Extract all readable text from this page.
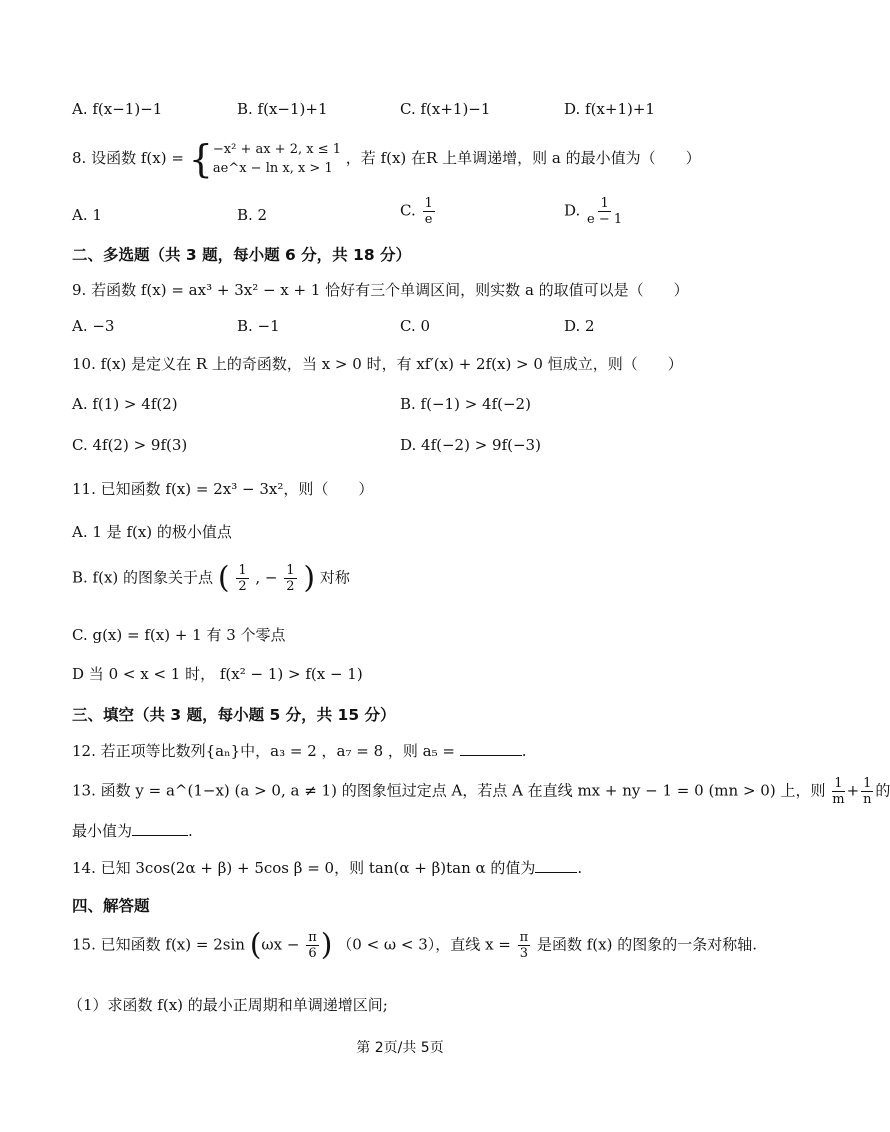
A. f(x−1)−1	B. f(x−1)+1	C. f(x+1)−1	D. f(x+1)+1
8. 设函数 f(x) = { −x² + ax + 2, x ≤ 1
ae^x − ln x, x > 1
，若 f(x) 在R 上单调递增，则 a 的最小值为（　　）
A. 1	B. 2	C. $\frac{1}{e}$	D. $\frac{1}{e - 1}$
二、多选题（共 3 题，每小题 6 分，共 18 分）
9. 若函数 f(x) = ax³ + 3x² − x + 1 恰好有三个单调区间，则实数 a 的取值可以是（　　）
A. −3	B. −1	C. 0	D. 2
10. f(x) 是定义在 R 上的奇函数，当 x > 0 时，有 xf′(x) + 2f(x) > 0 恒成立，则（　　）
A. f(1) > 4f(2)	B. f(−1) > 4f(−2)
C. 4f(2) > 9f(3)	D. 4f(−2) > 9f(−3)
11. 已知函数 f(x) = 2x³ − 3x²，则（　　）
A. 1 是 f(x) 的极小值点
B. f(x) 的图象关于点 ( $\frac{1}{2}$ , − $\frac{1}{2}$ ) 对称
C. g(x) = f(x) + 1 有 3 个零点
D 当 0 < x < 1 时， f(x² − 1) > f(x − 1)
三、填空（共 3 题，每小题 5 分，共 15 分）
12. 若正项等比数列{aₙ}中，a₃ = 2 ，a₇ = 8 ，则 a₅ =	.
13. 函数 y = a^(1−x) (a > 0, a ≠ 1) 的图象恒过定点 A，若点 A 在直线 mx + ny − 1 = 0 (mn > 0) 上，则 $\frac{1}{m} + \frac{1}{n}$ 的
最小值为	.
14. 已知 3cos(2α + β) + 5cos β = 0，则 tan(α + β)tan α 的值为	.
四、解答题
15. 已知函数 f(x) = 2sin ($\omega x - \frac{\pi}{6}$ ) （0 < ω < 3），直线 $x = \frac{\pi}{3}$ 是函数 f(x) 的图象的一条对称轴.
（1）求函数 f(x) 的最小正周期和单调递增区间;
第 2页/共 5页
